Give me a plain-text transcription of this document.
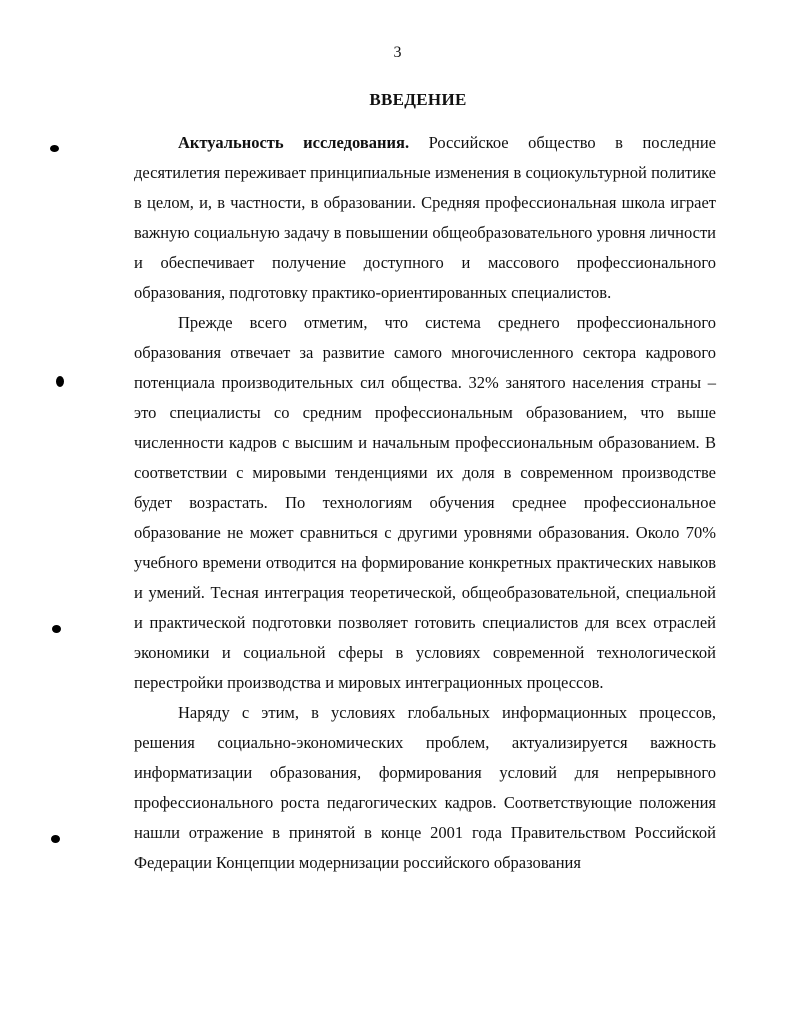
3
ВВЕДЕНИЕ

Актуальность исследования. Российское общество в последние десятилетия переживает принципиальные изменения в социокультурной политике в целом, и, в частности, в образовании. Средняя профессиональная школа играет важную социальную задачу в повышении общеобразовательного уровня личности и обеспечивает получение доступного и массового профессионального образования, подготовку практико-ориентированных специалистов.

Прежде всего отметим, что система среднего профессионального образования отвечает за развитие самого многочисленного сектора кадрового потенциала производительных сил общества. 32% занятого населения страны – это специалисты со средним профессиональным образованием, что выше численности кадров с высшим и начальным профессиональным образованием. В соответствии с мировыми тенденциями их доля в современном производстве будет возрастать. По технологиям обучения среднее профессиональное образование не может сравниться с другими уровнями образования. Около 70% учебного времени отводится на формирование конкретных практических навыков и умений. Тесная интеграция теоретической, общеобразовательной, специальной и практической подготовки позволяет готовить специалистов для всех отраслей экономики и социальной сферы в условиях современной технологической перестройки производства и мировых интеграционных процессов.

Наряду с этим, в условиях глобальных информационных процессов, решения социально-экономических проблем, актуализируется важность информатизации образования, формирования условий для непрерывного профессионального роста педагогических кадров. Соответствующие положения нашли отражение в принятой в конце 2001 года Правительством Российской Федерации Концепции модернизации российского образования
